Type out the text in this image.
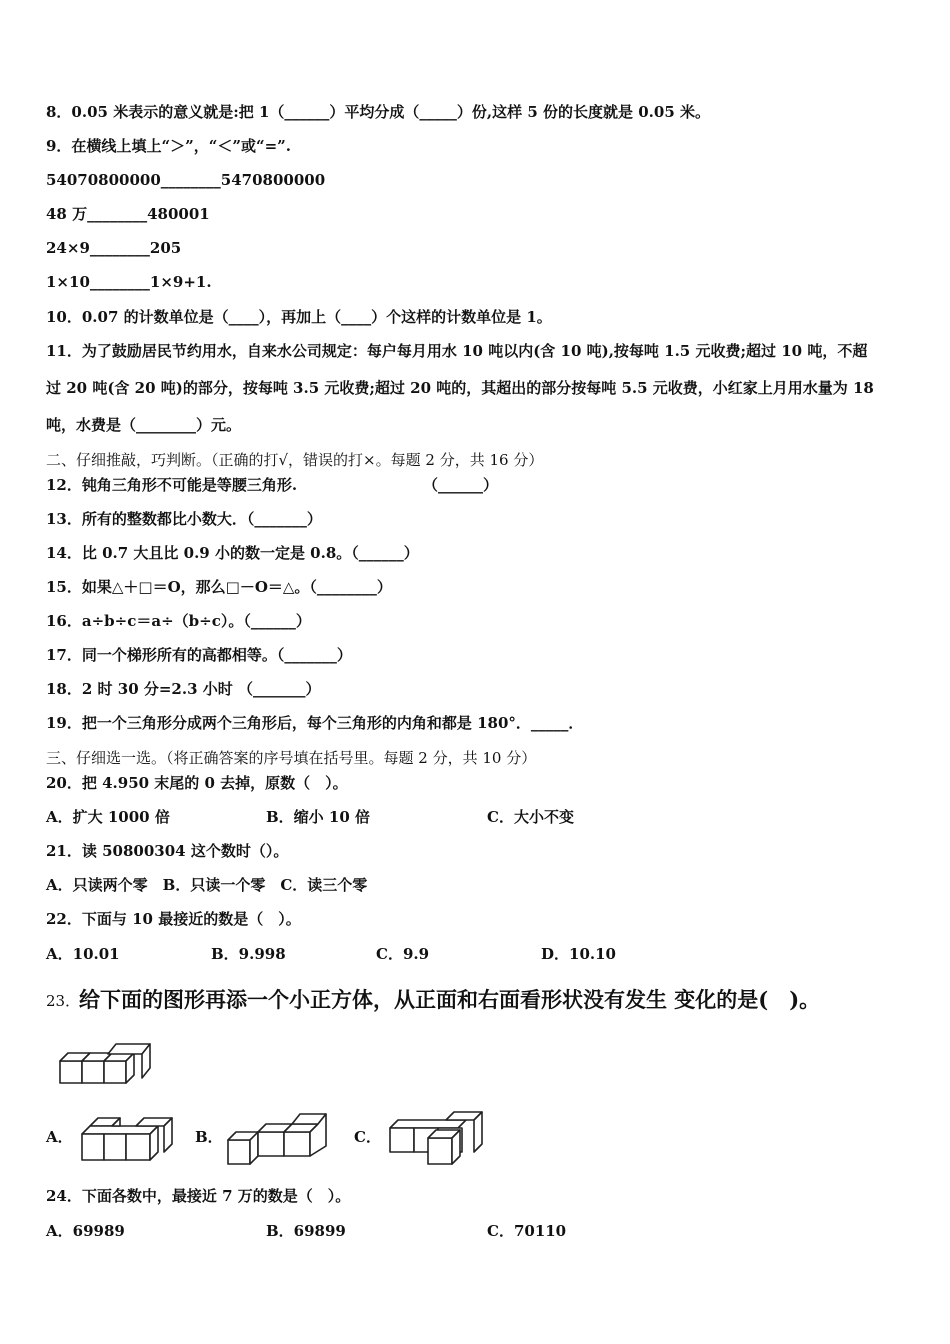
8．0.05 米表示的意义就是:把 1（______）平均分成（_____）份,这样 5 份的长度就是 0.05 米。
9．在横线上填上“＞”，“＜”或“=”.
54070800000________5470800000
48 万________480001
24×9________205
1×10________1×9+1.
10．0.07 的计数单位是（____），再加上（____）个这样的计数单位是 1。
11．为了鼓励居民节约用水，自来水公司规定：每户每月用水 10 吨以内(含 10 吨),按每吨 1.5 元收费;超过 10 吨，不超
过 20 吨(含 20 吨)的部分，按每吨 3.5 元收费;超过 20 吨的，其超出的部分按每吨 5.5 元收费，小红家上月用水量为 18
吨，水费是（________）元。
二、仔细推敲，巧判断。（正确的打√，错误的打×。每题 2 分，共 16 分）
12．钝角三角形不可能是等腰三角形.	（______）
13．所有的整数都比小数大．（_______）
14．比 0.7 大且比 0.9 小的数一定是 0.8。（______）
15．如果△＋□＝O，那么□－O＝△。（________）
16．a÷b÷c＝a÷（b÷c）。（______）
17．同一个梯形所有的高都相等。（_______）
18．2 时 30 分=2.3 小时 （_______）
19．把一个三角形分成两个三角形后，每个三角形的内角和都是 180°．_____．
三、仔细选一选。（将正确答案的序号填在括号里。每题 2 分，共 10 分）
20．把 4.950 末尾的 0 去掉，原数（　）。
A．扩大 1000 倍	B．缩小 10 倍	C．大小不变
21．读 50800304 这个数时（）。
A．只读两个零　B．只读一个零　C．读三个零
22．下面与 10 最接近的数是（　）。
A．10.01	B．9.998	C．9.9	D．10.10
23．
给下面的图形再添一个小正方体，从正面和右面看形状没有发生 变化的是(　)。
A．	B．	C．
24．下面各数中，最接近 7 万的数是（　）。
A．69989	B．69899	C．70110
